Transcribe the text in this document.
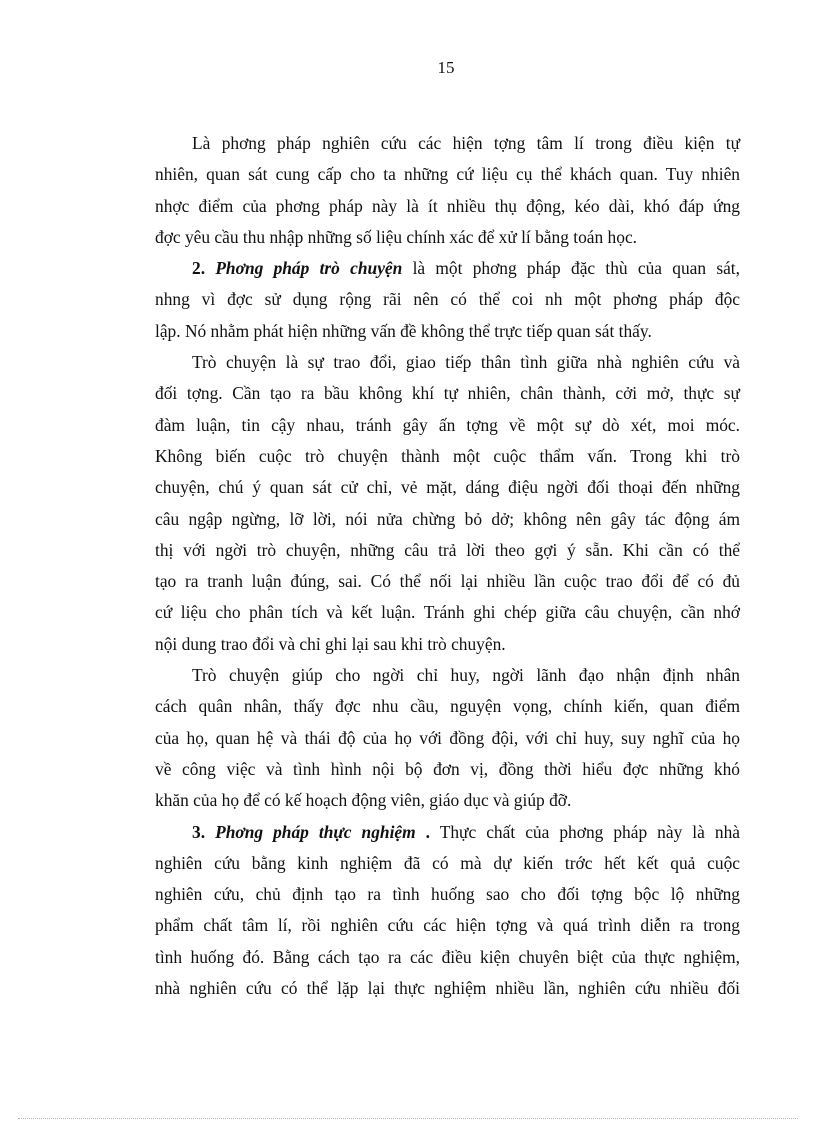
15

Là phơng pháp nghiên cứu các hiện tợng tâm lí trong điều kiện tự
nhiên, quan sát cung cấp cho ta những cứ liệu cụ thể khách quan. Tuy nhiên
nhợc điểm của phơng pháp này là ít nhiều thụ động, kéo dài, khó đáp ứng
đợc yêu cầu thu nhập những số liệu chính xác để xử lí bằng toán học.

2. Phơng pháp trò chuyện là một phơng pháp đặc thù của quan sát,
nhng vì đợc sử dụng rộng rãi nên có thể coi nh một phơng pháp độc
lập. Nó nhằm phát hiện những vấn đề không thể trực tiếp quan sát thấy.

Trò chuyện là sự trao đổi, giao tiếp thân tình giữa nhà nghiên cứu và
đối tợng. Cần tạo ra bầu không khí tự nhiên, chân thành, cởi mở, thực sự
đàm luận, tin cậy nhau, tránh gây ấn tợng về một sự dò xét, moi móc.
Không biến cuộc trò chuyện thành một cuộc thẩm vấn. Trong khi trò
chuyện, chú ý quan sát cử chỉ, vẻ mặt, dáng điệu ngời đối thoại đến những
câu ngập ngừng, lỡ lời, nói nửa chừng bỏ dở; không nên gây tác động ám
thị với ngời trò chuyện, những câu trả lời theo gợi ý sẵn. Khi cần có thể
tạo ra tranh luận đúng, sai. Có thể nối lại nhiều lần cuộc trao đổi để có đủ
cứ liệu cho phân tích và kết luận. Tránh ghi chép giữa câu chuyện, cần nhớ
nội dung trao đổi và chỉ ghi lại sau khi trò chuyện.

Trò chuyện giúp cho ngời chỉ huy, ngời lãnh đạo nhận định nhân
cách quân nhân, thấy đợc nhu cầu, nguyện vọng, chính kiến, quan điểm
của họ, quan hệ và thái độ của họ với đồng đội, với chỉ huy, suy nghĩ của họ
về công việc và tình hình nội bộ đơn vị, đồng thời hiểu đợc những khó
khăn của họ để có kế hoạch động viên, giáo dục và giúp đỡ.

3. Phơng pháp thực nghiệm . Thực chất của phơng pháp này là nhà
nghiên cứu bằng kinh nghiệm đã có mà dự kiến trớc hết kết quả cuộc
nghiên cứu, chủ định tạo ra tình huống sao cho đối tợng bộc lộ những
phẩm chất tâm lí, rồi nghiên cứu các hiện tợng và quá trình diễn ra trong
tình huống đó. Bằng cách tạo ra các điều kiện chuyên biệt của thực nghiệm,
nhà nghiên cứu có thể lặp lại thực nghiệm nhiều lần, nghiên cứu nhiều đối
